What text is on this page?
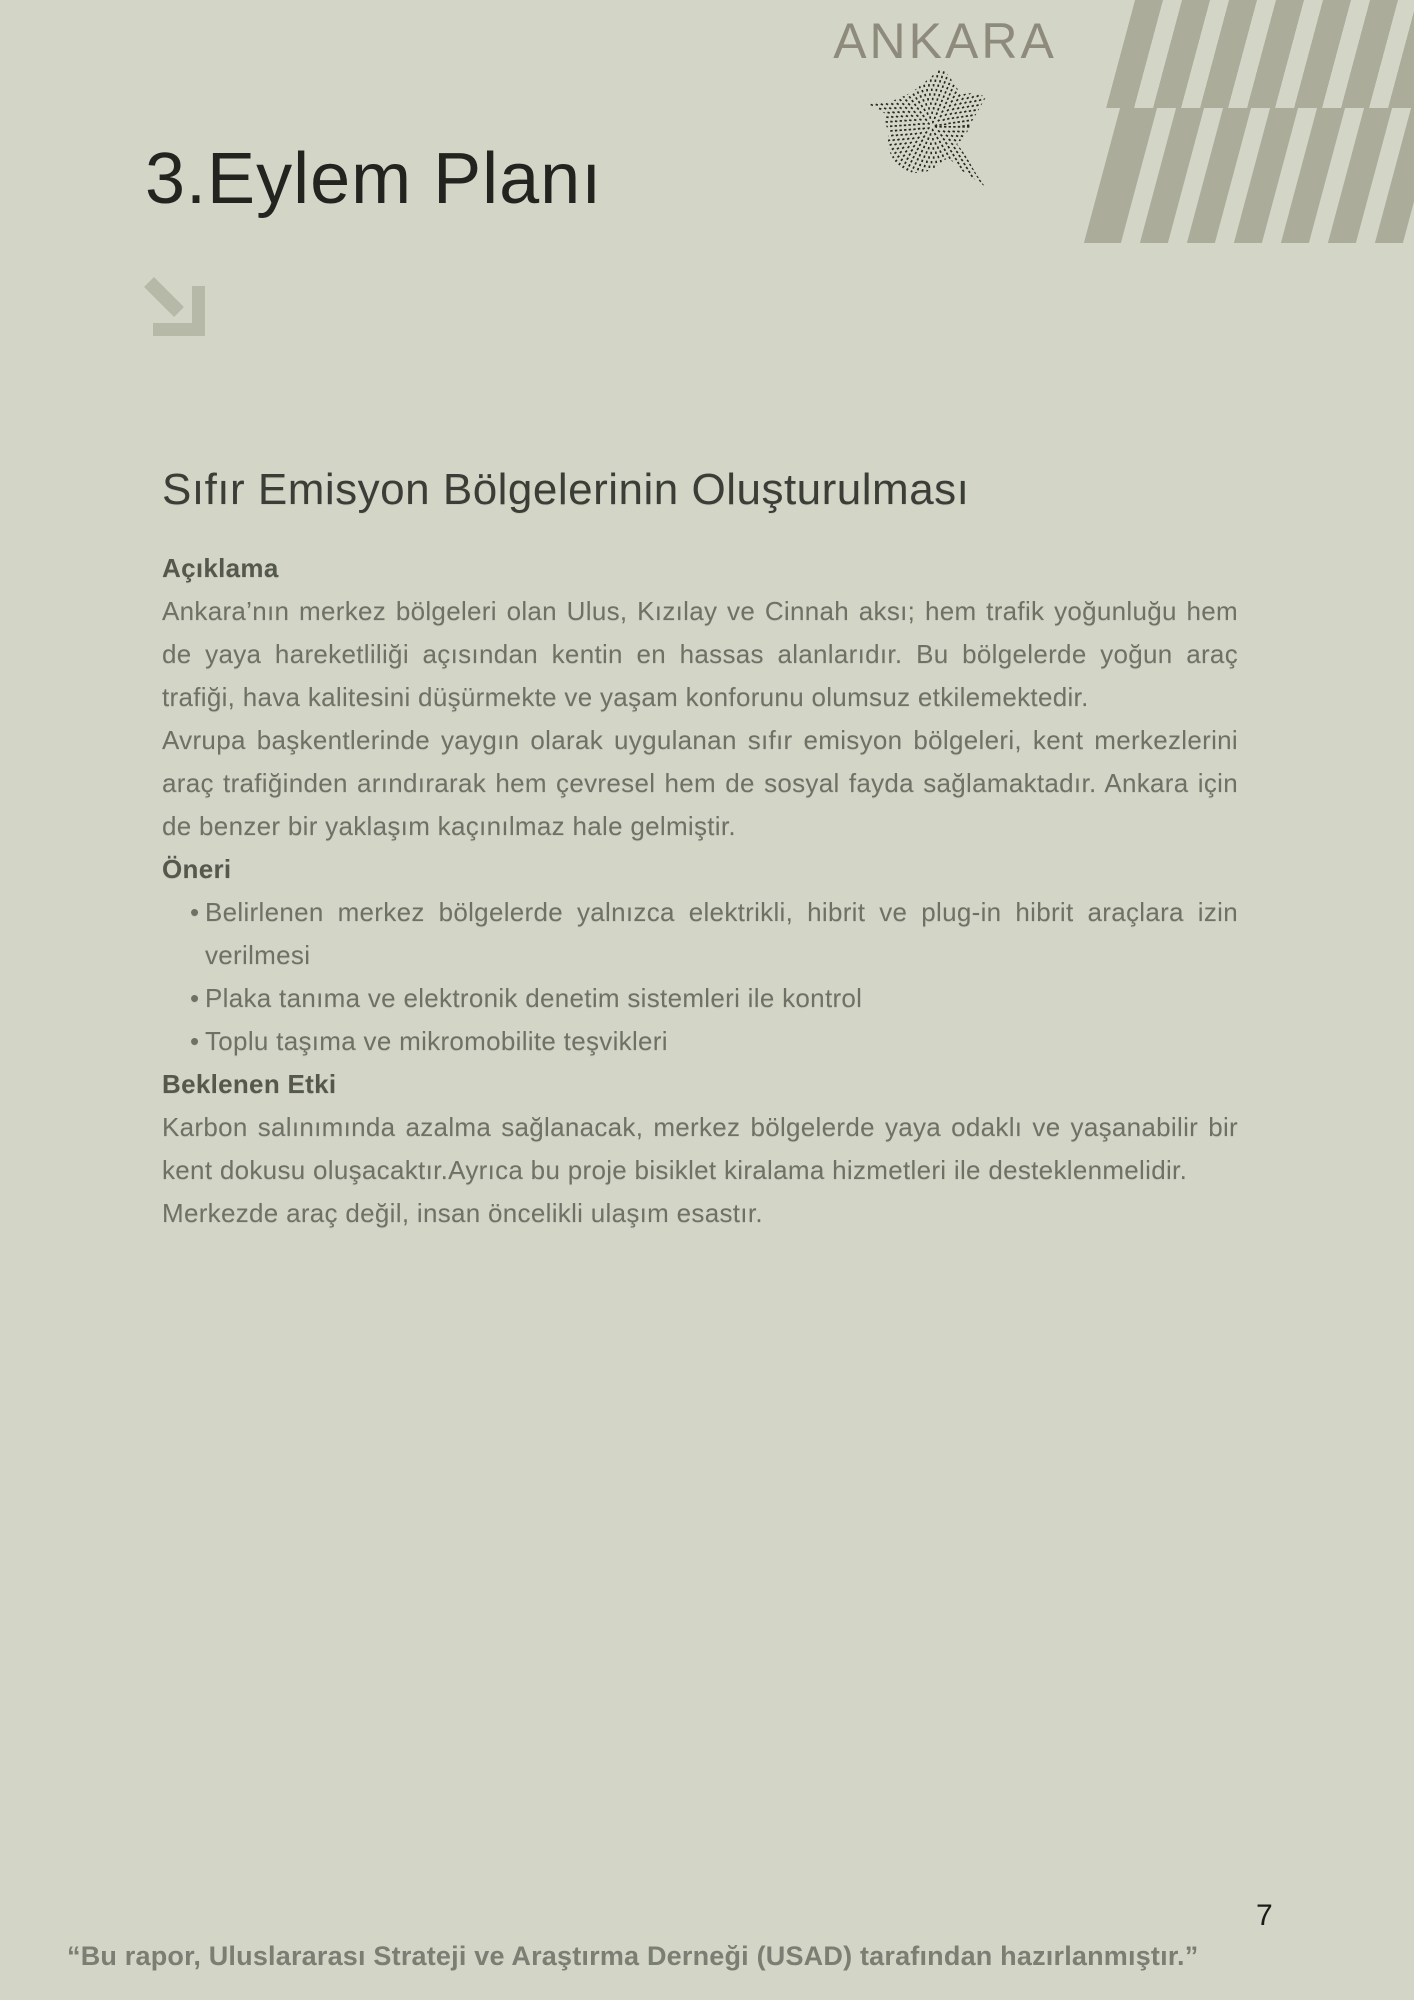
ANKARA
3.Eylem Planı
Sıfır Emisyon Bölgelerinin Oluşturulması

Açıklama

Ankara’nın merkez bölgeleri olan Ulus, Kızılay ve Cinnah aksı; hem trafik yoğunluğu hem de yaya hareketliliği açısından kentin en hassas alanlarıdır. Bu bölgelerde yoğun araç trafiği, hava kalitesini düşürmekte ve yaşam konforunu olumsuz etkilemektedir.

Avrupa başkentlerinde yaygın olarak uygulanan sıfır emisyon bölgeleri, kent merkezlerini araç trafiğinden arındırarak hem çevresel hem de sosyal fayda sağlamaktadır. Ankara için de benzer bir yaklaşım kaçınılmaz hale gelmiştir.

Öneri

• Belirlenen merkez bölgelerde yalnızca elektrikli, hibrit ve plug-in hibrit araçlara izin verilmesi
• Plaka tanıma ve elektronik denetim sistemleri ile kontrol
• Toplu taşıma ve mikromobilite teşvikleri

Beklenen Etki

Karbon salınımında azalma sağlanacak, merkez bölgelerde yaya odaklı ve yaşanabilir bir kent dokusu oluşacaktır.Ayrıca bu proje bisiklet kiralama hizmetleri ile desteklenmelidir.

Merkezde araç değil, insan öncelikli ulaşım esastır.

7
“Bu rapor, Uluslararası Strateji ve Araştırma Derneği (USAD) tarafından hazırlanmıştır.”
